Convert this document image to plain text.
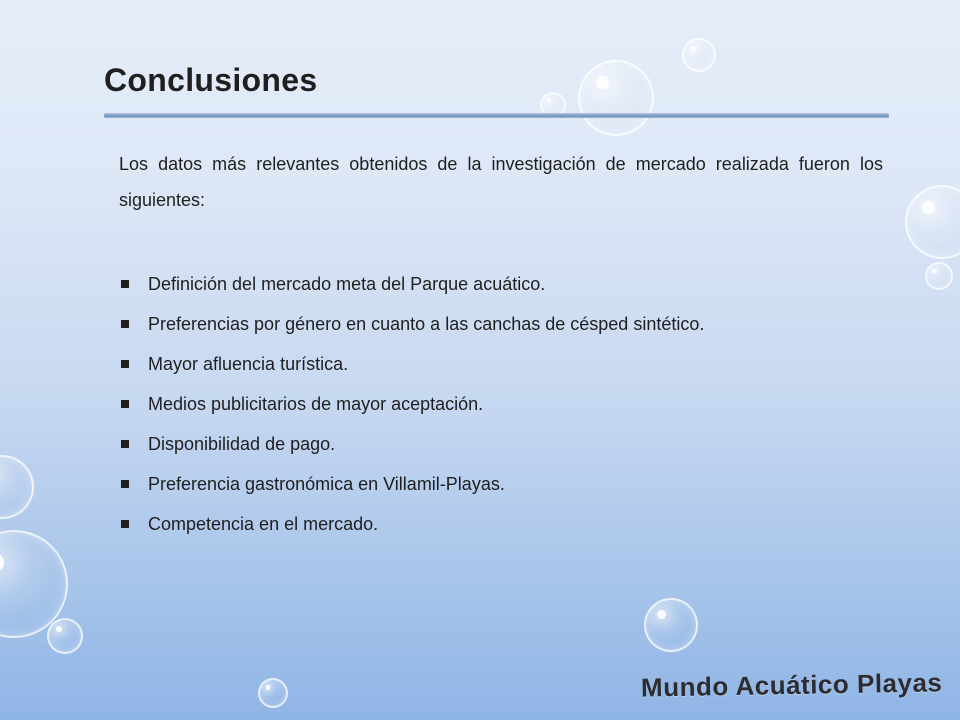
Conclusiones
Los datos más relevantes obtenidos de la investigación de mercado realizada fueron los siguientes:
Definición del mercado meta del Parque acuático.
Preferencias por género en cuanto a las canchas de césped sintético.
Mayor afluencia turística.
Medios publicitarios de mayor aceptación.
Disponibilidad de pago.
Preferencia gastronómica en Villamil-Playas.
Competencia en el mercado.
Mundo Acuático Playas
